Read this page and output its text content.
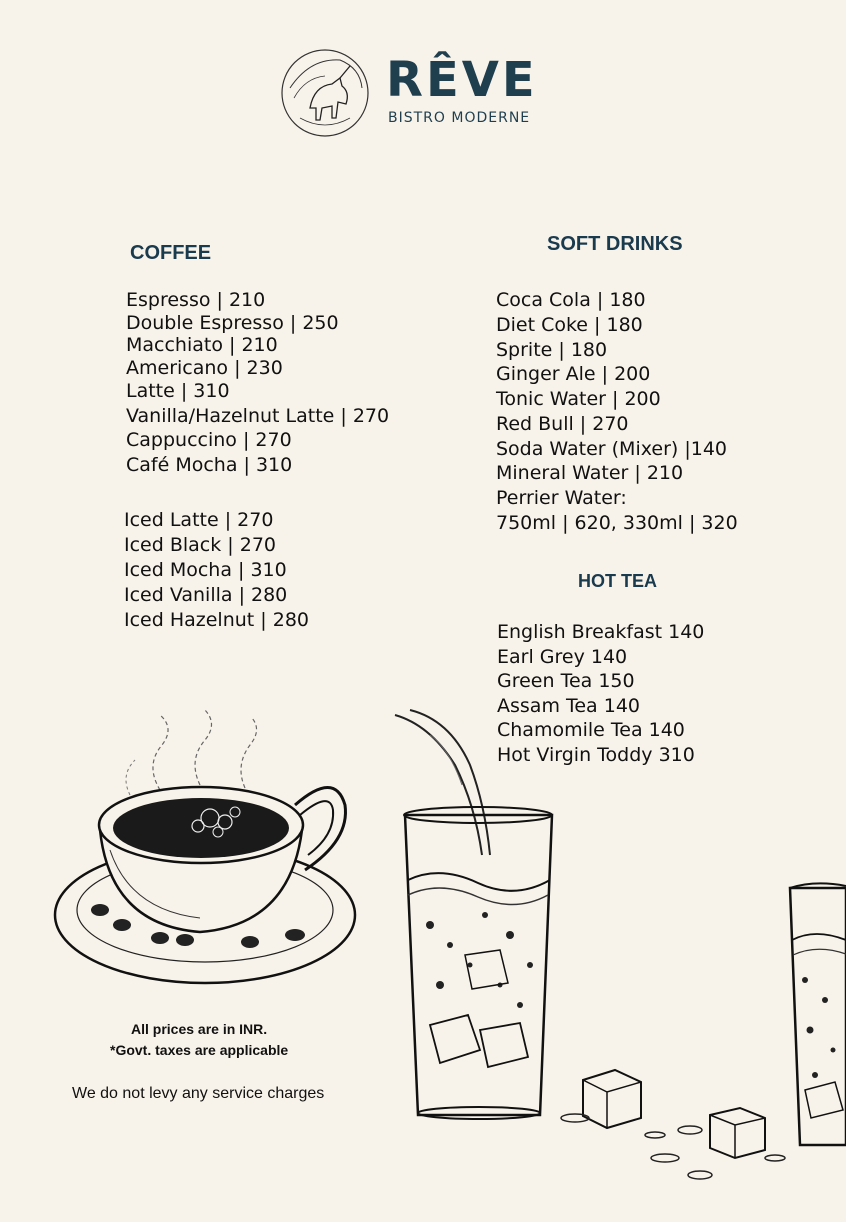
RÊVE
BISTRO MODERNE
COFFEE
Espresso | 210
Double Espresso | 250
Macchiato | 210
Americano | 230
Latte | 310
Vanilla/Hazelnut Latte | 270
Cappuccino | 270
Café Mocha | 310
Iced Latte | 270
Iced Black | 270
Iced Mocha | 310
Iced Vanilla | 280
Iced Hazelnut | 280
SOFT DRINKS
Coca Cola | 180
Diet Coke | 180
Sprite | 180
Ginger Ale | 200
Tonic Water | 200
Red Bull | 270
Soda Water (Mixer) |140
Mineral Water | 210
Perrier Water:
750ml | 620, 330ml | 320
HOT TEA
English Breakfast 140
Earl Grey 140
Green Tea 150
Assam Tea 140
Chamomile Tea 140
Hot Virgin Toddy 310
All prices are in INR.
*Govt. taxes are applicable
We do not levy any service charges
